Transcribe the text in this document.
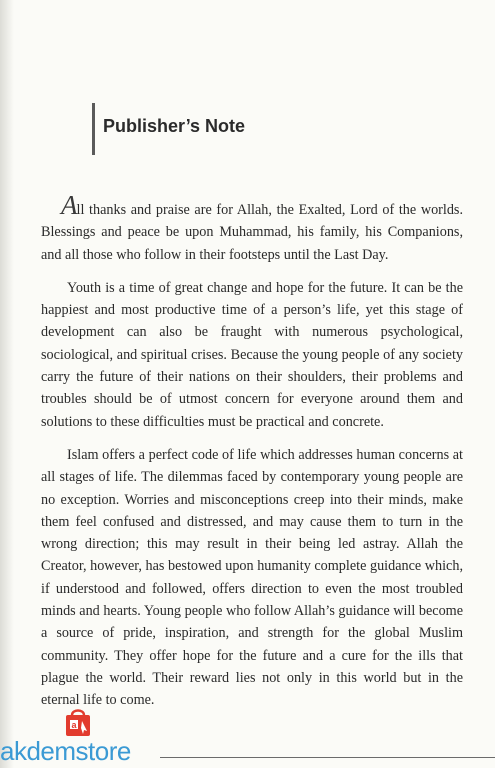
Publisher’s Note

All thanks and praise are for Allah, the Exalted, Lord of the worlds. Blessings and peace be upon Muhammad, his family, his Companions, and all those who follow in their footsteps until the Last Day.

Youth is a time of great change and hope for the future. It can be the happiest and most productive time of a person’s life, yet this stage of development can also be fraught with numerous psychological, sociological, and spiritual crises. Because the young people of any society carry the future of their nations on their shoulders, their problems and troubles should be of utmost concern for everyone around them and solutions to these difficulties must be practical and concrete.

Islam offers a perfect code of life which addresses human concerns at all stages of life. The dilemmas faced by contemporary young people are no exception. Worries and misconceptions creep into their minds, make them feel confused and distressed, and may cause them to turn in the wrong direction; this may result in their being led astray. Allah the Creator, however, has bestowed upon humanity complete guidance which, if understood and followed, offers direction to even the most troubled minds and hearts. Young people who follow Allah’s guidance will become a source of pride, inspiration, and strength for the global Muslim community. They offer hope for the future and a cure for the ills that plague the world. Their reward lies not only in this world but in the eternal life to come.

a
akdemstore
